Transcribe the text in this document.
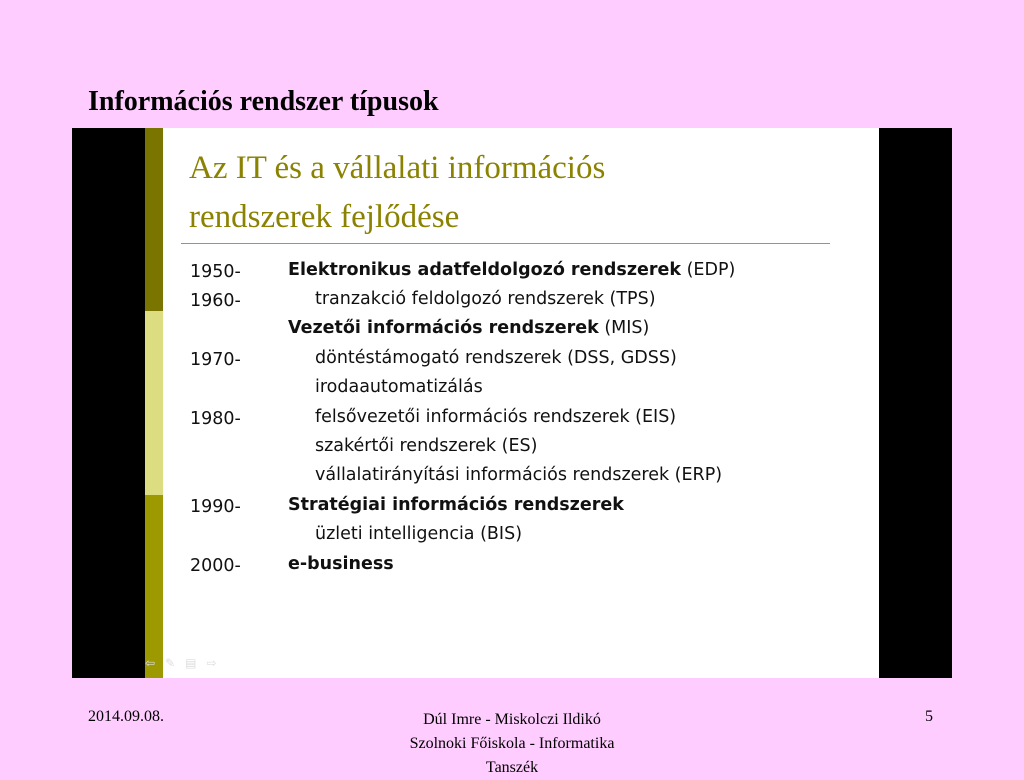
Információs rendszer típusok
Az IT és a vállalati információs
rendszerek fejlődése
1950-	Elektronikus adatfeldolgozó rendszerek (EDP)
1960-	tranzakció feldolgozó rendszerek (TPS)
Vezetői információs rendszerek (MIS)
1970-	döntéstámogató rendszerek (DSS, GDSS)
irodaautomatizálás
1980-	felsővezetői információs rendszerek (EIS)
szakértői rendszerek (ES)
vállalatirányítási információs rendszerek (ERP)
1990-	Stratégiai információs rendszerek
üzleti intelligencia (BIS)
2000-	e-business
⇦✎▤⇨
2014.09.08.	Dúl Imre - Miskolczi Ildikó
Szolnoki Főiskola - Informatika
Tanszék
5
